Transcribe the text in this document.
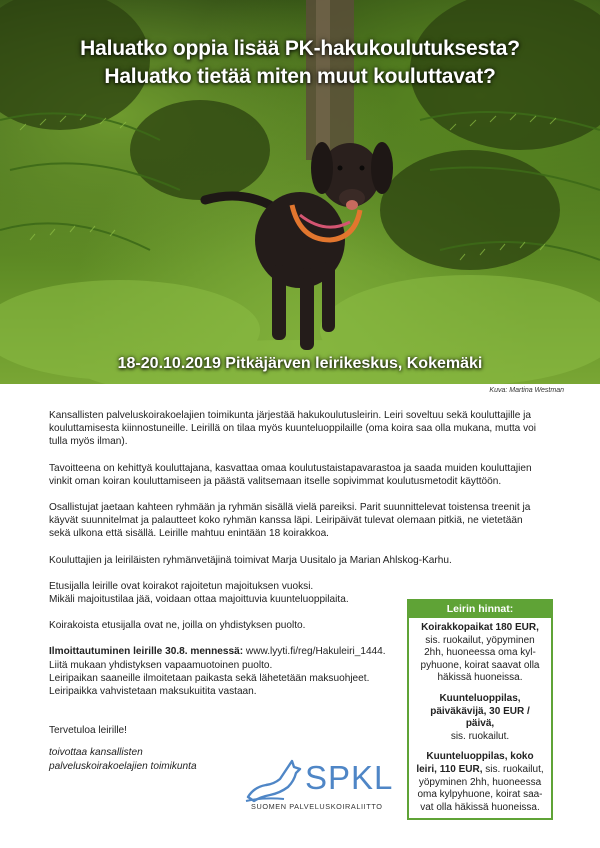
Haluatko oppia lisää PK-hakukoulutuksesta?
Haluatko tietää miten muut kouluttavat?
18-20.10.2019 Pitkäjärven leirikeskus, Kokemäki
Kuva: Martina Westman

Kansallisten palveluskoirakoelajien toimikunta järjestää hakukoulutusleirin. Leiri soveltuu sekä kouluttajille ja
kouluttamisesta kiinnostuneille. Leirillä on tilaa myös kuunteluoppilaille (oma koira saa olla mukana, mutta voi
tulla myös ilman).

Tavoitteena on kehittyä kouluttajana, kasvattaa omaa koulutustaistapavarastoa ja saada muiden kouluttajien
vinkit oman koiran kouluttamiseen ja päästä valitsemaan itselle sopivimmat koulutusmetodit käyttöön.

Osallistujat jaetaan kahteen ryhmään ja ryhmän sisällä vielä pareiksi. Parit suunnittelevat toistensa treenit ja
käyvät suunnitelmat ja palautteet koko ryhmän kanssa läpi. Leiripäivät tulevat olemaan pitkiä, ne vietetään
sekä ulkona että sisällä. Leirille mahtuu enintään 18 koirakkoa.

Kouluttajien ja leiriläisten ryhmänvetäjinä toimivat Marja Uusitalo ja Marian Ahlskog-Karhu.

Etusijalla leirille ovat koirakot rajoitetun majoituksen vuoksi.
Mikäli majoitustilaa jää, voidaan ottaa majoittuvia kuunteluoppilaita.

Koirakoista etusijalla ovat ne, joilla on yhdistyksen puolto.

Ilmoittautuminen leirille 30.8. mennessä: www.lyyti.fi/reg/Hakuleiri_1444.
Liitä mukaan yhdistyksen vapaamuotoinen puolto.
Leiripaikan saaneille ilmoitetaan paikasta sekä lähetetään maksuohjeet.
Leiripaikka vahvistetaan maksukuitita vastaan.

Tervetuloa leirille!

toivottaa kansallisten
palveluskoirakoelajien toimikunta

Leirin hinnat:
Koirakkopaikat 180 EUR,
sis. ruokailut, yöpyminen
2hh, huoneessa oma kyl-
pyhuone, koirat saavat olla
häkissä huoneissa.
Kuunteluoppilas,
päiväkävijä, 30 EUR / päivä,
sis. ruokailut.
Kuunteluoppilas, koko
leiri, 110 EUR, sis. ruokailut,
yöpyminen 2hh, huoneessa
oma kylpyhuone, koirat saa-
vat olla häkissä huoneissa.
SPKL
SUOMEN PALVELUSKOIRALIITTO
